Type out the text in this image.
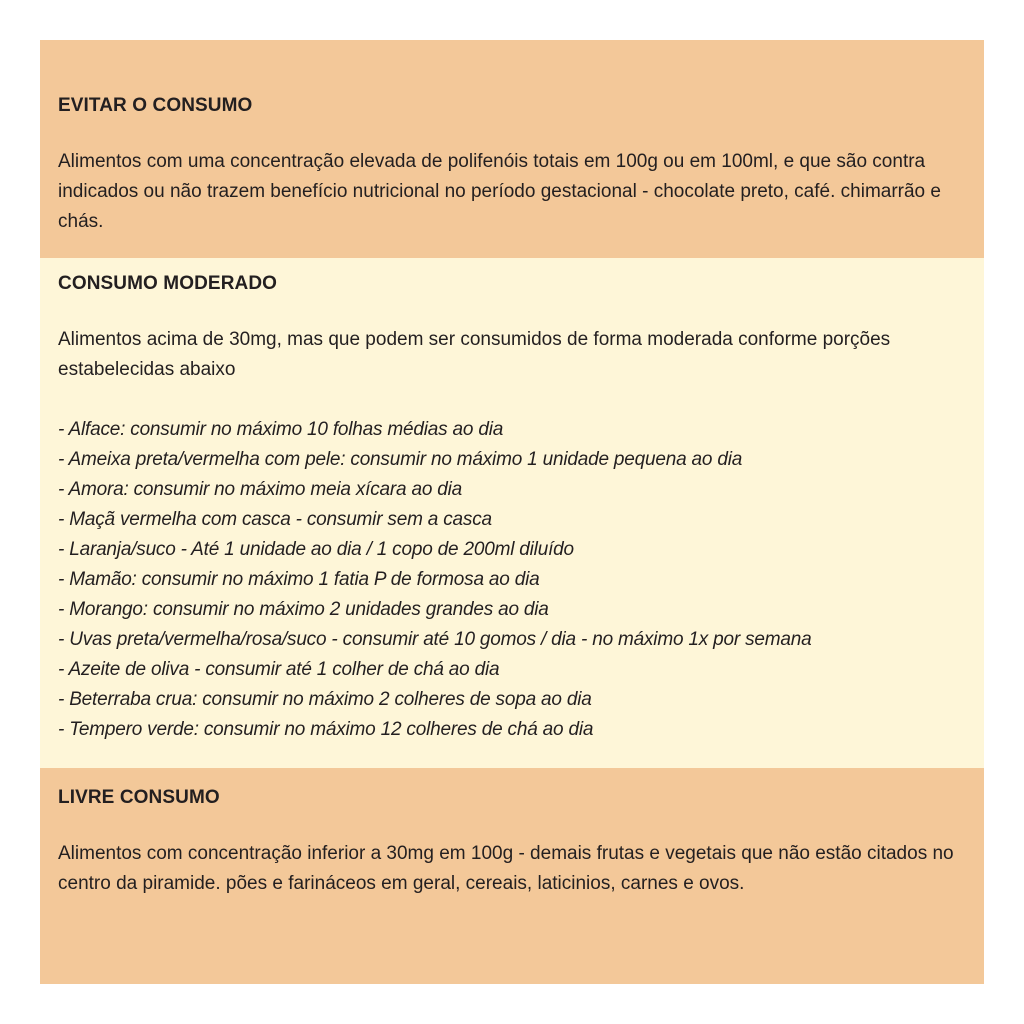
EVITAR O CONSUMO

Alimentos com uma concentração elevada de polifenóis totais em 100g ou em 100ml, e que são contra indicados ou não trazem benefício nutricional no período gestacional - chocolate preto, café. chimarrão e chás.

CONSUMO MODERADO

Alimentos acima de 30mg, mas que podem ser consumidos de forma moderada conforme porções estabelecidas abaixo

- Alface: consumir no máximo 10 folhas médias ao dia
- Ameixa preta/vermelha com pele: consumir no máximo 1 unidade pequena ao dia
- Amora: consumir no máximo meia xícara ao dia
- Maçã vermelha com casca - consumir sem a casca
- Laranja/suco - Até 1 unidade ao dia / 1 copo de 200ml diluído
- Mamão: consumir no máximo 1 fatia P de formosa ao dia
- Morango: consumir no máximo 2 unidades grandes ao dia
- Uvas preta/vermelha/rosa/suco - consumir até 10 gomos / dia - no máximo 1x por semana
- Azeite de oliva - consumir até 1 colher de chá ao dia
- Beterraba crua: consumir no máximo 2 colheres de sopa ao dia
- Tempero verde: consumir no máximo 12 colheres de chá ao dia
LIVRE CONSUMO

Alimentos com concentração inferior a 30mg em 100g - demais frutas e vegetais que não estão citados no centro da piramide. pões e farináceos em geral, cereais, laticinios, carnes e ovos.
